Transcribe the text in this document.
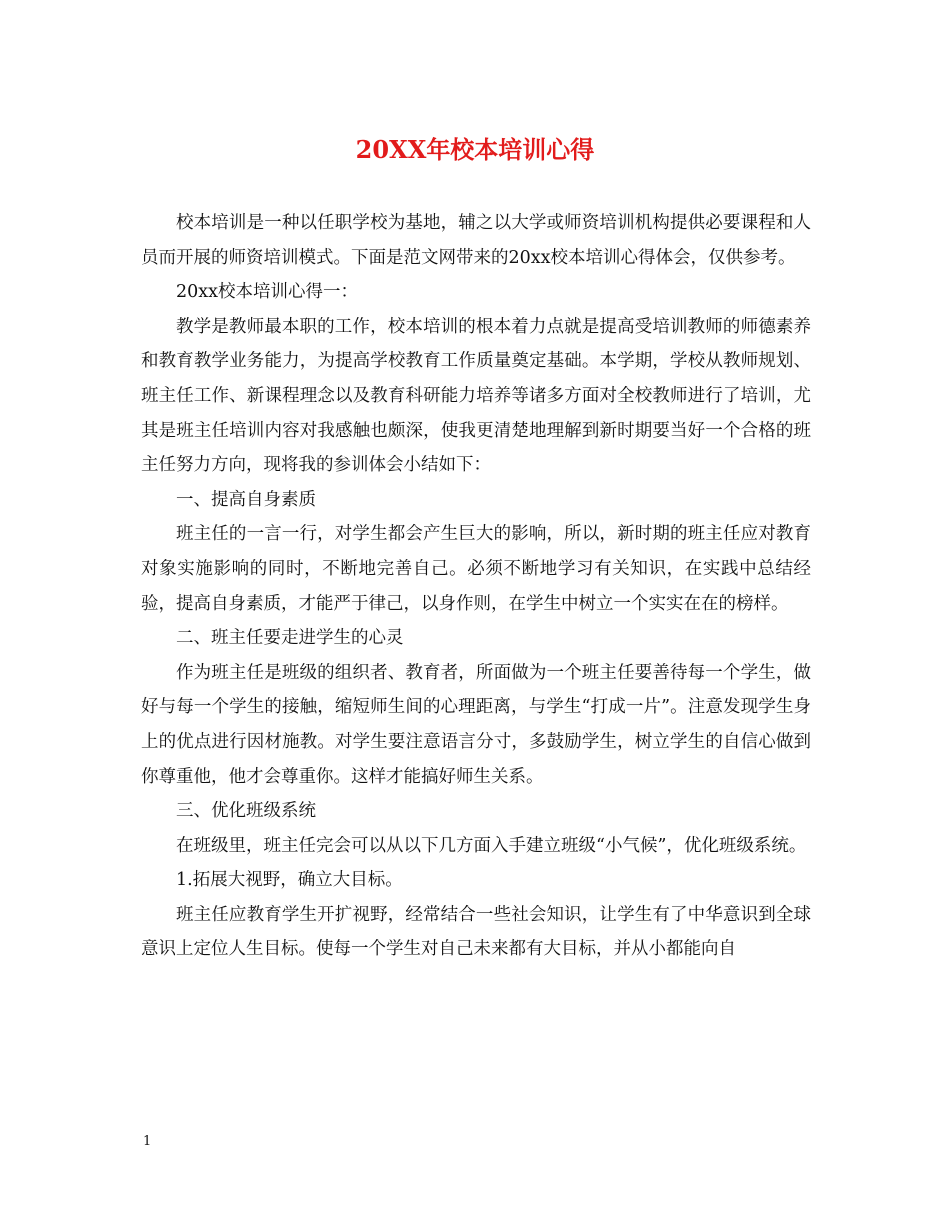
20XX年校本培训心得

校本培训是一种以任职学校为基地，辅之以大学或师资培训机构提供必要课程和人员而开展的师资培训模式。下面是范文网带来的20xx校本培训心得体会，仅供参考。

20xx校本培训心得一：

教学是教师最本职的工作，校本培训的根本着力点就是提高受培训教师的师德素养和教育教学业务能力，为提高学校教育工作质量奠定基础。本学期，学校从教师规划、班主任工作、新课程理念以及教育科研能力培养等诸多方面对全校教师进行了培训，尤其是班主任培训内容对我感触也颇深，使我更清楚地理解到新时期要当好一个合格的班主任努力方向，现将我的参训体会小结如下：

一、提高自身素质

班主任的一言一行，对学生都会产生巨大的影响，所以，新时期的班主任应对教育对象实施影响的同时，不断地完善自己。必须不断地学习有关知识，在实践中总结经验，提高自身素质，才能严于律己，以身作则，在学生中树立一个实实在在的榜样。

二、班主任要走进学生的心灵

作为班主任是班级的组织者、教育者，所面做为一个班主任要善待每一个学生，做好与每一个学生的接触，缩短师生间的心理距离，与学生“打成一片”。注意发现学生身上的优点进行因材施教。对学生要注意语言分寸，多鼓励学生，树立学生的自信心做到你尊重他，他才会尊重你。这样才能搞好师生关系。

三、优化班级系统

在班级里，班主任完会可以从以下几方面入手建立班级“小气候”，优化班级系统。

1.拓展大视野，确立大目标。

班主任应教育学生开扩视野，经常结合一些社会知识，让学生有了中华意识到全球意识上定位人生目标。使每一个学生对自己未来都有大目标，并从小都能向自

1
